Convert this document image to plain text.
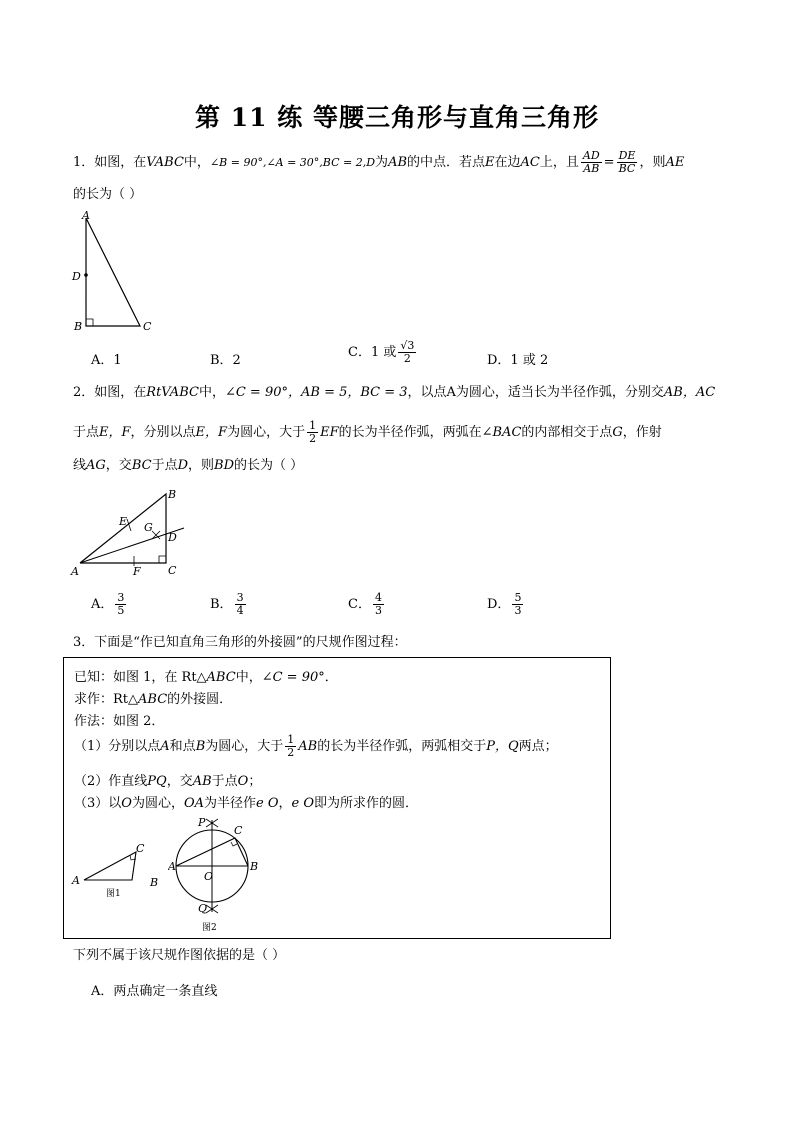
第 11 练 等腰三角形与直角三角形
1．如图，在VABC中，∠B = 90°,∠A = 30°,BC = 2,D为AB的中点．若点E在边AC上，且 $\frac{AD}{AB} = \frac{DE}{BC}$ ，则AE
的长为（ ）
A
D
B	C
A．1	B．2
C．1 或 $\frac{√3}{2}$	D．1 或 2
2．如图，在RtVABC中，∠C = 90°，AB = 5，BC = 3，以点A为圆心，适当长为半径作弧，分别交AB，AC
于点E，F，分别以点E，F为圆心，大于 $\frac{1}{2}$ EF的长为半径作弧，两弧在∠BAC的内部相交于点G，作射
线AG，交BC于点D，则BD的长为（ ）
A
B
C
D
E
F
G
A． $\frac{3}{5}$	B． $\frac{3}{4}$	C． $\frac{4}{3}$	D． $\frac{5}{3}$
3．下面是“作已知直角三角形的外接圆”的尺规作图过程：
已知：如图 1，在 Rt△ABC中，∠C = 90°．
求作：Rt△ABC的外接圆．
作法：如图 2．
（1）分别以点A和点B为圆心，大于 $\frac{1}{2}$ AB的长为半径作弧，两弧相交于P，Q两点；
（2）作直线PQ，交AB于点O；
（3）以O为圆心，OA为半径作e O，e O即为所求作的圆．
A	B
C
图1
A	B
C
O
P
Q
图2
下列不属于该尺规作图依据的是（ ）
A．两点确定一条直线
